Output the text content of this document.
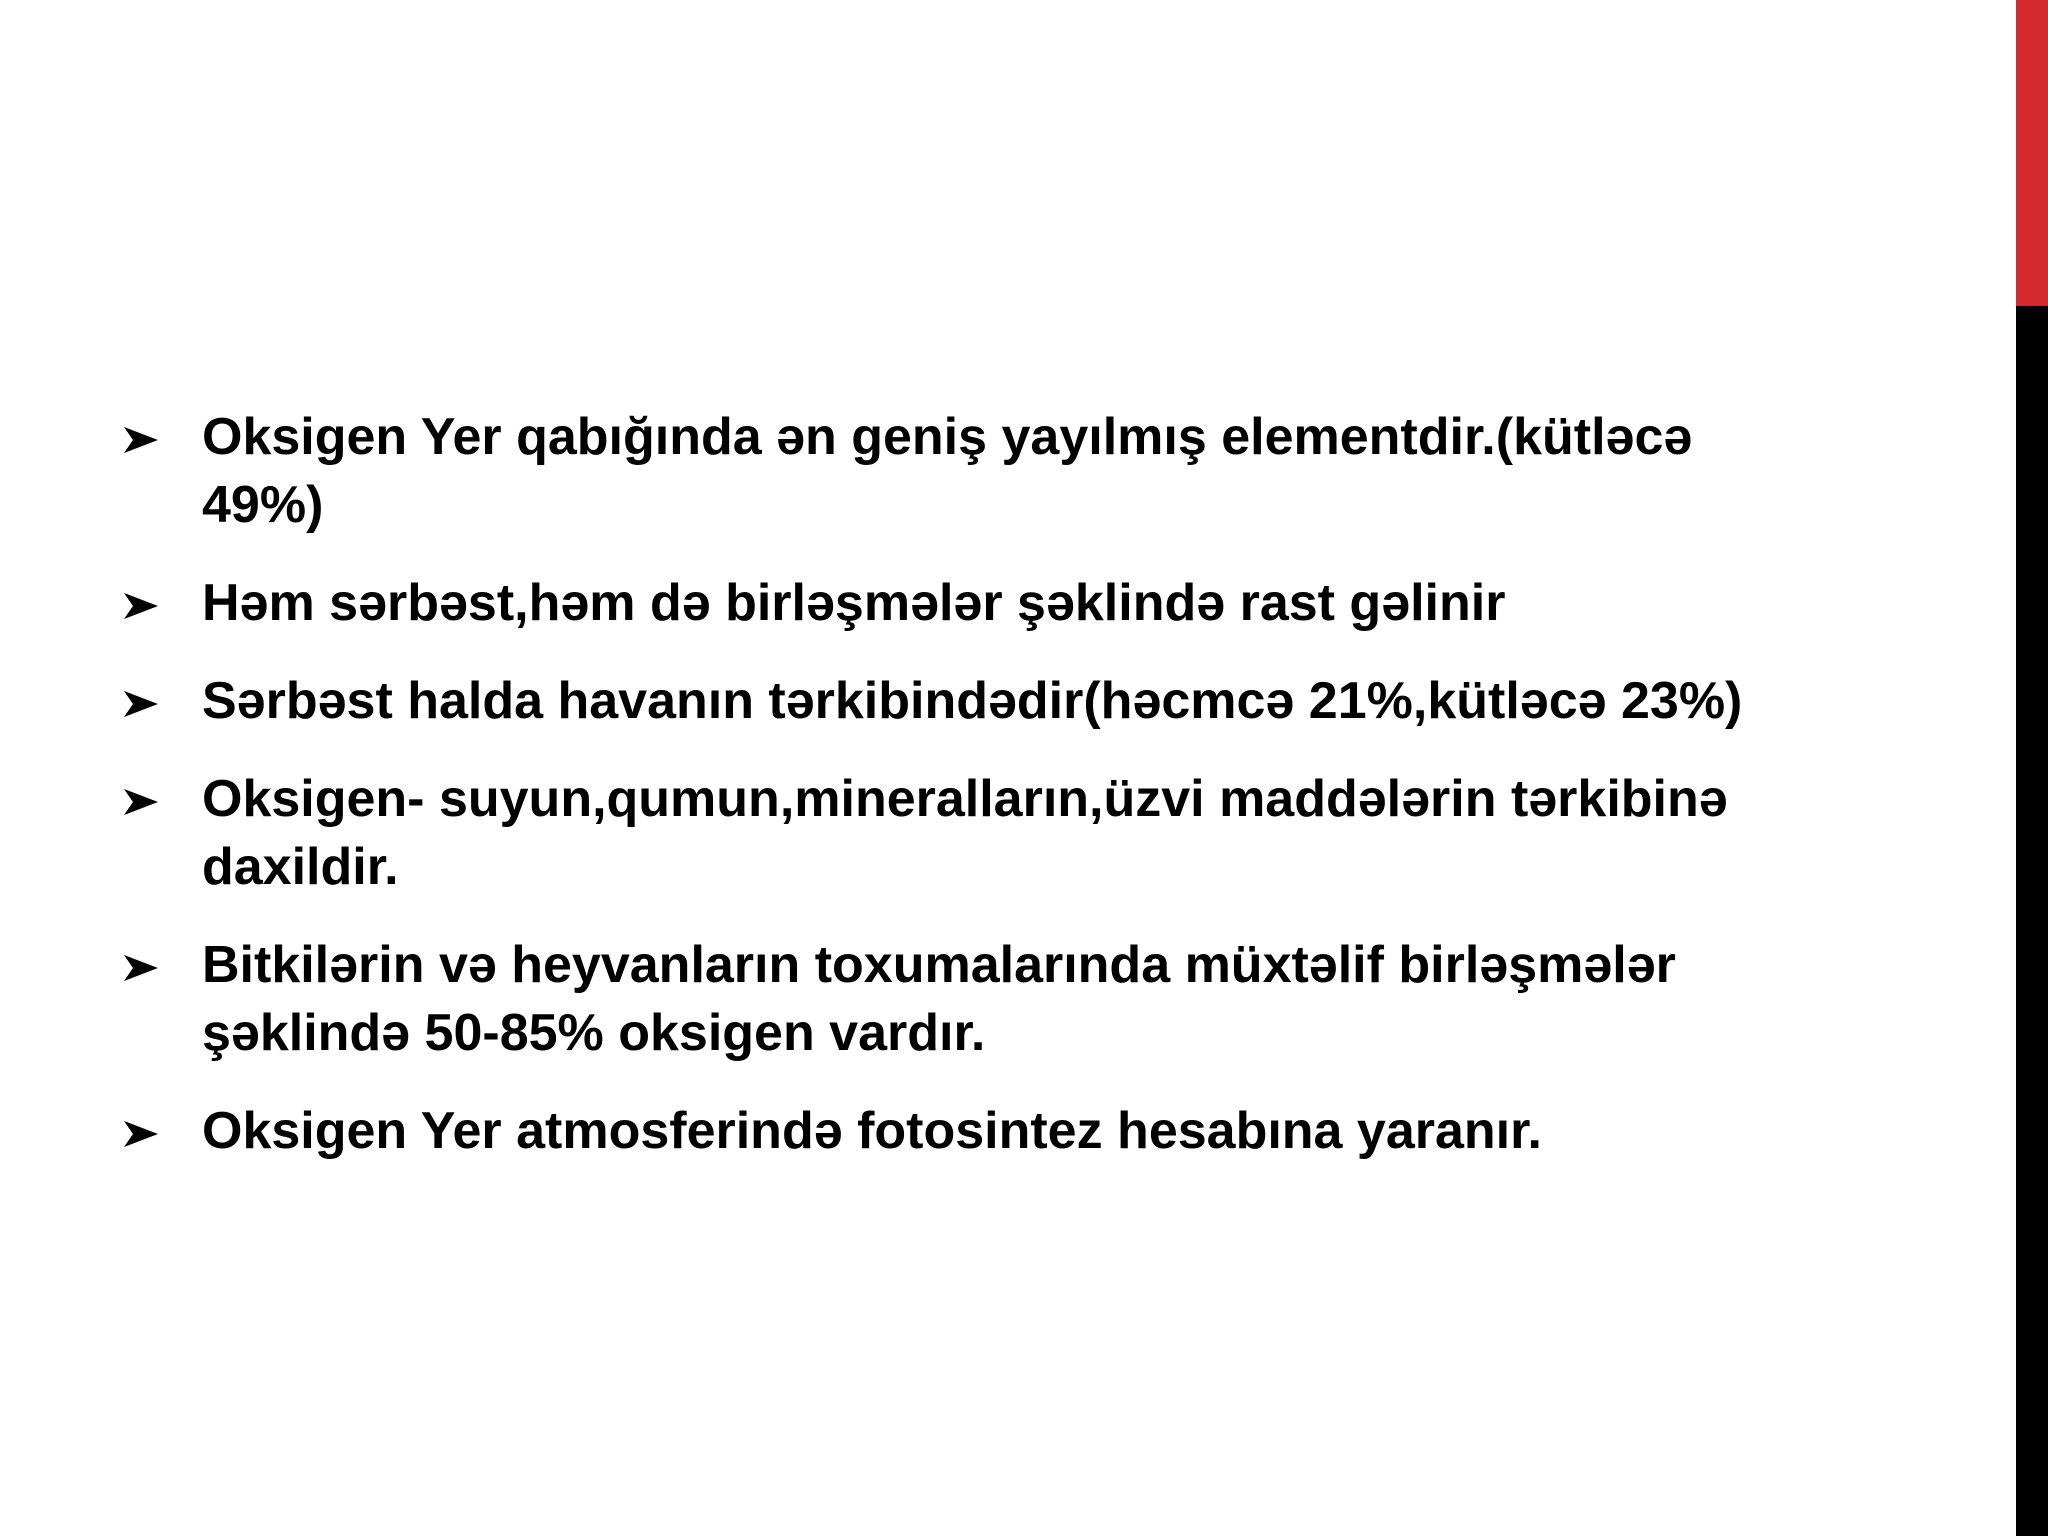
Oksigen Yer qabığında ən geniş yayılmış elementdir.(kütləcə 49%)
Həm sərbəst,həm də birləşmələr şəklində rast gəlinir
Sərbəst halda havanın tərkibindədir(həcmcə 21%,kütləcə 23%)
Oksigen- suyun,qumun,mineralların,üzvi maddələrin tərkibinə daxildir.
Bitkilərin və heyvanların toxumalarında müxtəlif birləşmələr şəklində 50-85% oksigen vardır.
Oksigen Yer atmosferində fotosintez hesabına yaranır.
